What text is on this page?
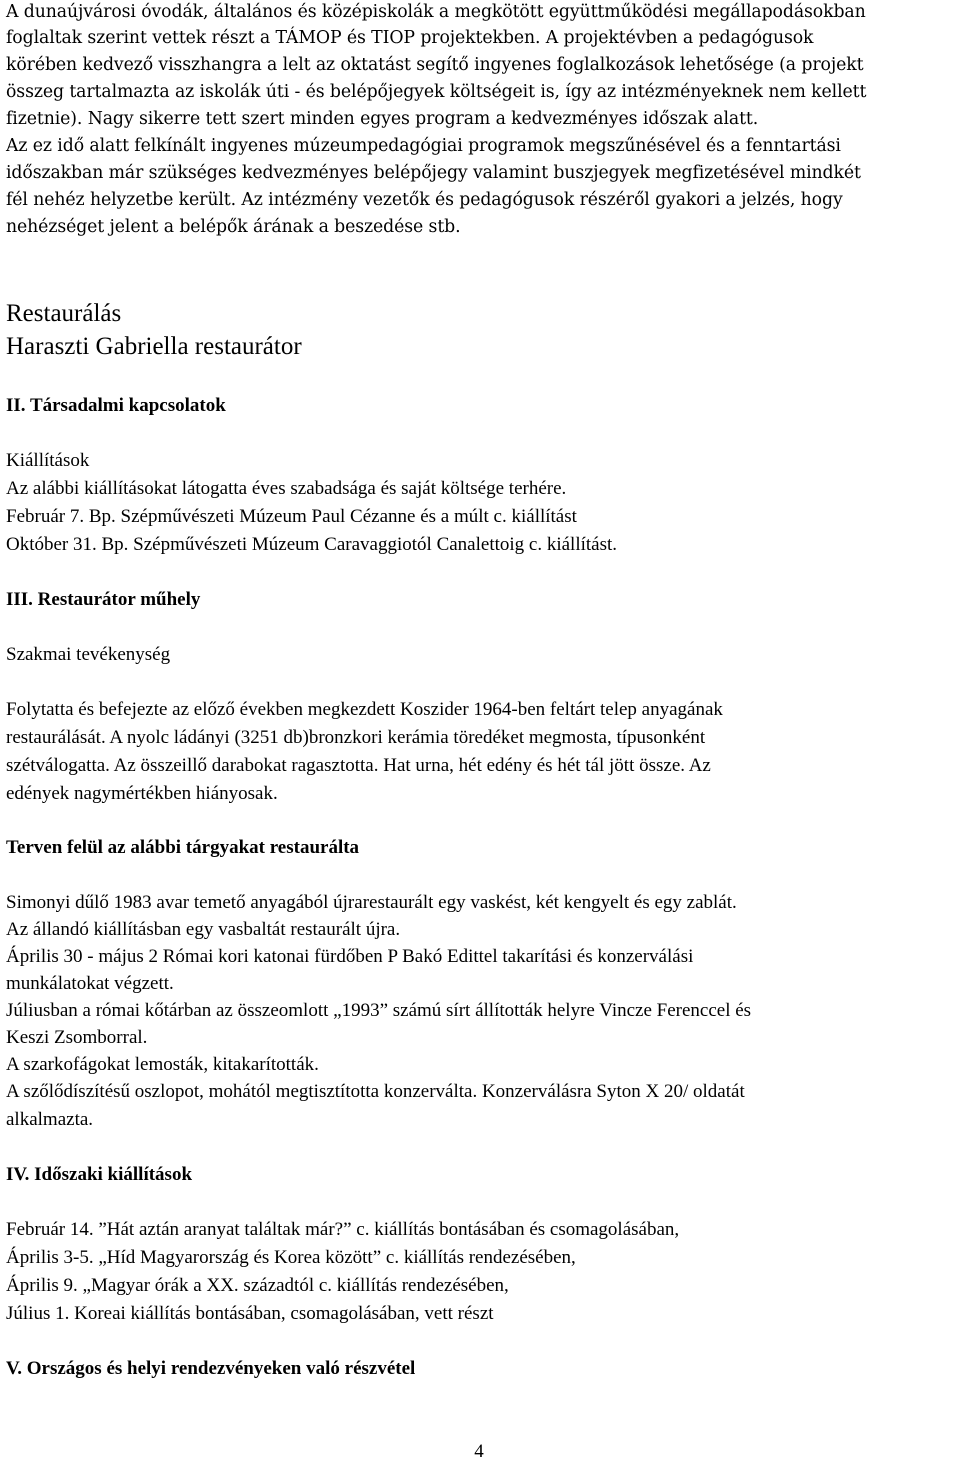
A dunaújvárosi óvodák, általános és középiskolák a megkötött együttműködési megállapodásokban
foglaltak szerint vettek részt a TÁMOP és TIOP projektekben. A projektévben a pedagógusok
körében kedvező visszhangra a lelt az oktatást segítő ingyenes foglalkozások lehetősége (a projekt
összeg tartalmazta az iskolák úti - és belépőjegyek költségeit is, így az intézményeknek nem kellett
fizetnie). Nagy sikerre tett szert minden egyes program a kedvezményes időszak alatt.
Az ez idő alatt felkínált ingyenes múzeumpedagógiai programok megszűnésével és a fenntartási
időszakban már szükséges kedvezményes belépőjegy valamint buszjegyek megfizetésével mindkét
fél nehéz helyzetbe került. Az intézmény vezetők és pedagógusok részéről gyakori a jelzés, hogy
nehézséget jelent a belépők árának a beszedése stb.
Restaurálás
Haraszti Gabriella restaurátor
II. Társadalmi kapcsolatok
Kiállítások
Az alábbi kiállításokat látogatta éves szabadsága és saját költsége terhére.
Február 7. Bp. Szépművészeti Múzeum Paul Cézanne és a múlt c. kiállítást
Október 31. Bp. Szépművészeti Múzeum Caravaggiotól Canalettoig c. kiállítást.
III. Restaurátor műhely
Szakmai tevékenység
Folytatta és befejezte az előző években megkezdett Koszider 1964-ben feltárt telep anyagának
restaurálását. A nyolc ládányi (3251 db)bronzkori kerámia töredéket megmosta, típusonként
szétválogatta. Az összeillő darabokat ragasztotta. Hat urna, hét edény és hét tál jött össze. Az
edények nagymértékben hiányosak.
Terven felül az alábbi tárgyakat restaurálta
Simonyi dűlő 1983 avar temető anyagából újrarestaurált egy vaskést, két kengyelt és egy zablát.
Az állandó kiállításban egy vasbaltát restaurált újra.
Április 30 - május 2 Római kori katonai fürdőben P Bakó Edittel takarítási és konzerválási
munkálatokat végzett.
Júliusban a római kőtárban az összeomlott „1993” számú sírt állították helyre Vincze Ferenccel és
Keszi Zsomborral.
A szarkofágokat lemosták, kitakarították.
A szőlődíszítésű oszlopot, mohától megtisztította konzerválta. Konzerválásra Syton X 20/ oldatát
alkalmazta.
IV. Időszaki kiállítások
Február 14. ”Hát aztán aranyat találtak már?” c. kiállítás bontásában és csomagolásában,
Április 3-5. „Híd Magyarország és Korea között” c. kiállítás rendezésében,
Április 9. „Magyar órák a XX. századtól c. kiállítás rendezésében,
Július 1. Koreai kiállítás bontásában, csomagolásában, vett részt
V. Országos és helyi rendezvényeken való részvétel
4
